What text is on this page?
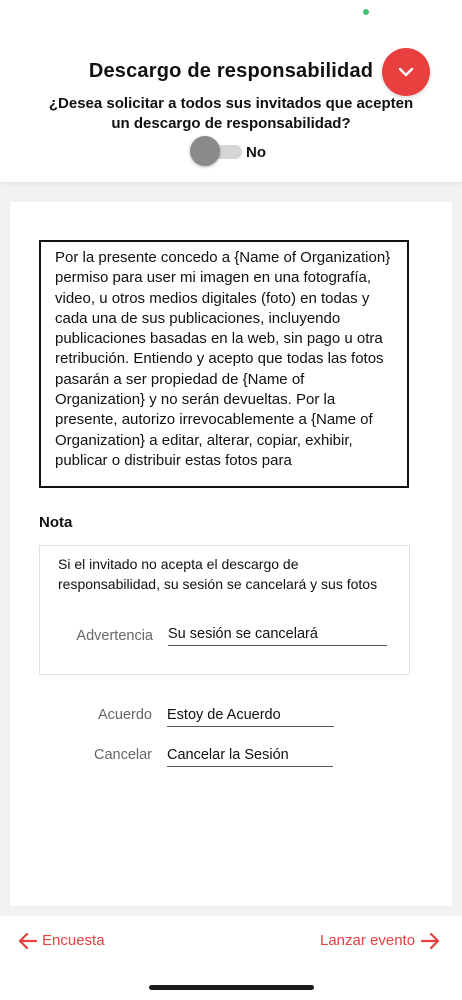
Descargo de responsabilidad
¿Desea solicitar a todos sus invitados que acepten un descargo de responsabilidad?
No
Por la presente concedo a {Name of Organization} permiso para user mi imagen en una fotografía, video, u otros medios digitales (foto) en todas y cada una de sus publicaciones, incluyendo publicaciones basadas en la web, sin pago u otra retribución. Entiendo y acepto que todas las fotos pasarán a ser propiedad de {Name of Organization} y no serán devueltas. Por la presente, autorizo irrevocablemente a {Name of Organization} a editar, alterar, copiar, exhibir, publicar o distribuir estas fotos para
Nota
Si el invitado no acepta el descargo de responsabilidad, su sesión se cancelará y sus fotos
Advertencia Su sesión se cancelará
Acuerdo Estoy de Acuerdo
Cancelar Cancelar la Sesión
Encuesta	Lanzar evento
